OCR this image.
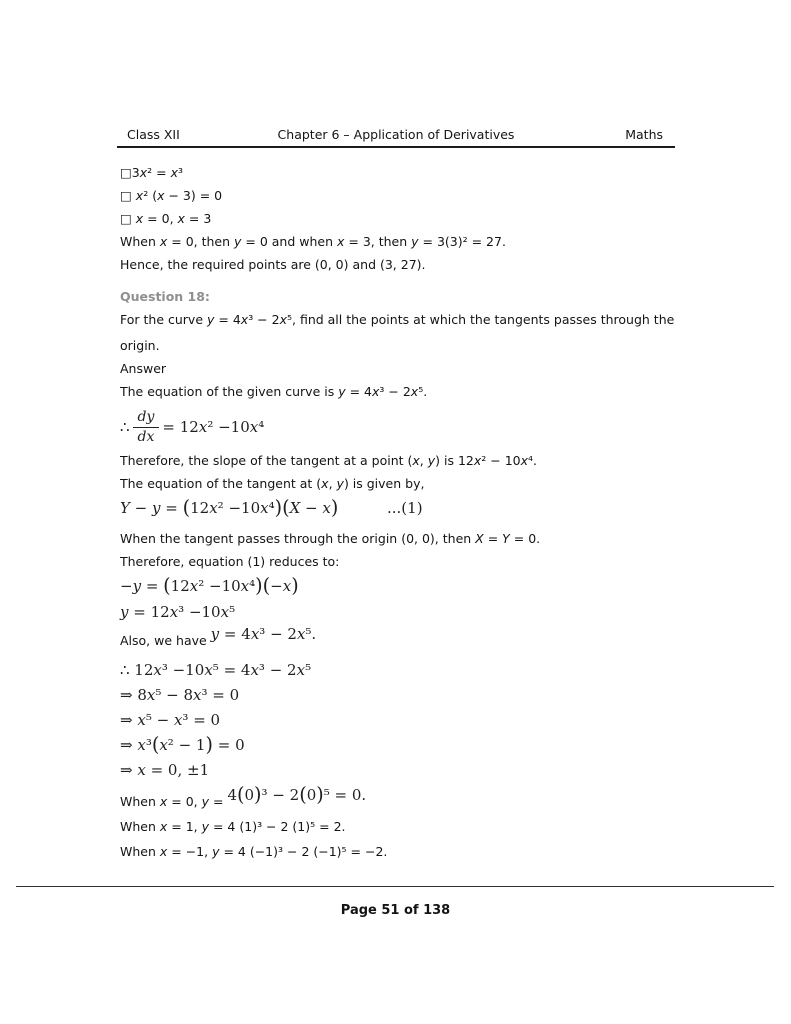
Class XII	Chapter 6 – Application of Derivatives	Maths
□3x² = x³
□ x² (x − 3) = 0
□ x = 0, x = 3
When x = 0, then y = 0 and when x = 3, then y = 3(3)² = 27.
Hence, the required points are (0, 0) and (3, 27).
Question 18:
For the curve y = 4x³ − 2x⁵, find all the points at which the tangents passes through the
origin.
Answer
The equation of the given curve is y = 4x³ − 2x⁵.
∴ $\frac{dy}{dx} = 12x^2 -10x^4$
Therefore, the slope of the tangent at a point (x, y) is 12x² − 10x⁴.
The equation of the tangent at (x, y) is given by,
Y − y = (12x² −10x⁴)(X − x)	...(1)
When the tangent passes through the origin (0, 0), then X = Y = 0.
Therefore, equation (1) reduces to:
−y = (12x² −10x⁴)(−x)
y = 12x³ −10x⁵
Also, we have y = 4x³ − 2x⁵.
∴ 12x³ −10x⁵ = 4x³ − 2x⁵
⇒ 8x⁵ − 8x³ = 0
⇒ x⁵ − x³ = 0
⇒ x³(x² − 1) = 0
⇒ x = 0, ±1
When x = 0, y = 4(0)³ − 2(0)⁵ = 0.
When x = 1, y = 4 (1)³ − 2 (1)⁵ = 2.
When x = −1, y = 4 (−1)³ − 2 (−1)⁵ = −2.
Page 51 of 138
